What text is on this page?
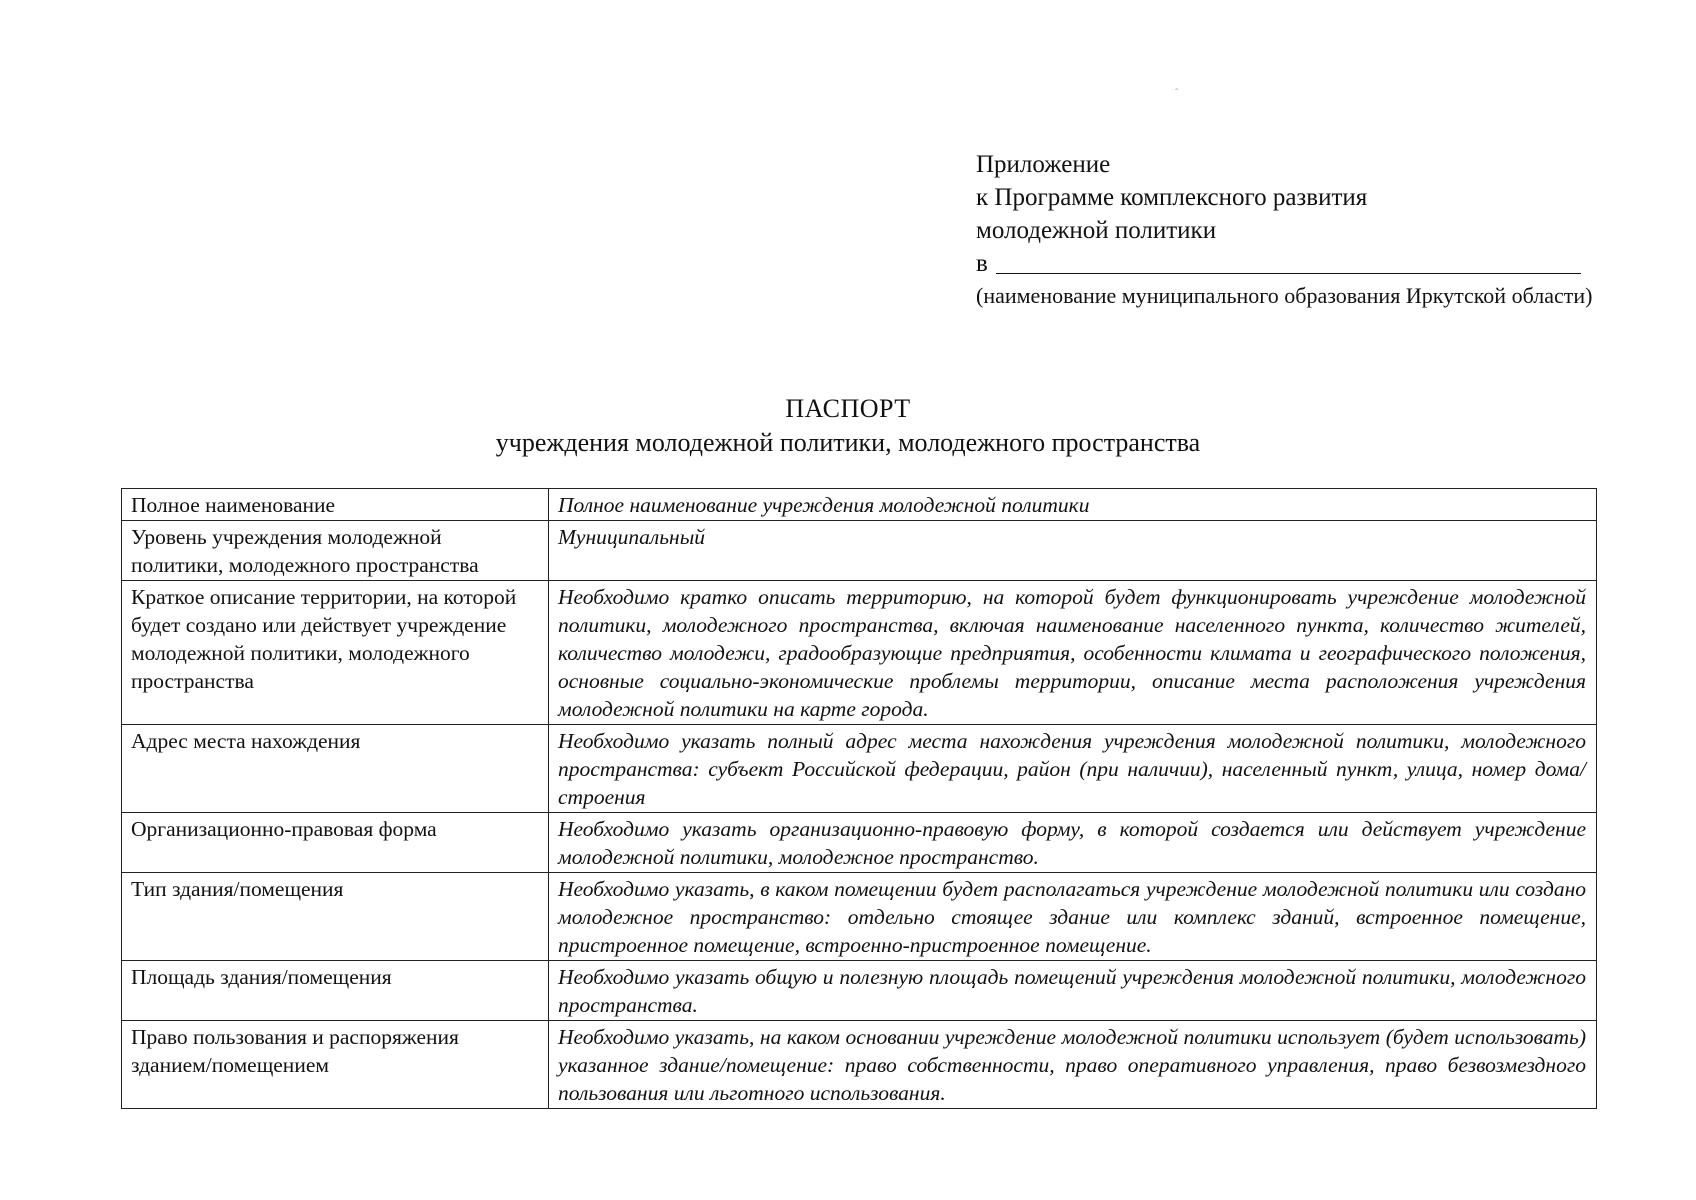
ˆ
Приложение
к Программе комплексного развития
молодежной политики
в
(наименование муниципального образования Иркутской области)
ПАСПОРТ
учреждения молодежной политики, молодежного пространства
Полное наименование	Полное наименование учреждения молодежной политики
Уровень учреждения молодежной политики, молодежного пространства	Муниципальный
Краткое описание территории, на которой будет создано или действует учреждение молодежной политики, молодежного пространства	Необходимо кратко описать территорию, на которой будет функционировать учреждение молодежной политики, молодежного пространства, включая наименование населенного пункта, количество жителей, количество молодежи, градообразующие предприятия, особенности климата и географического положения, основные социально-экономические проблемы территории, описание места расположения учреждения молодежной политики на карте города.
Адрес места нахождения	Необходимо указать полный адрес места нахождения учреждения молодежной политики, молодежного пространства: субъект Российской федерации, район (при наличии), населенный пункт, улица, номер дома/строения
Организационно-правовая форма	Необходимо указать организационно-правовую форму, в которой создается или действует учреждение молодежной политики, молодежное пространство.
Тип здания/помещения	Необходимо указать, в каком помещении будет располагаться учреждение молодежной политики или создано молодежное пространство: отдельно стоящее здание или комплекс зданий, встроенное помещение, пристроенное помещение, встроенно-пристроенное помещение.
Площадь здания/помещения	Необходимо указать общую и полезную площадь помещений учреждения молодежной политики, молодежного пространства.
Право пользования и распоряжения зданием/помещением	Необходимо указать, на каком основании учреждение молодежной политики использует (будет использовать) указанное здание/помещение: право собственности, право оперативного управления, право безвозмездного пользования или льготного использования.
